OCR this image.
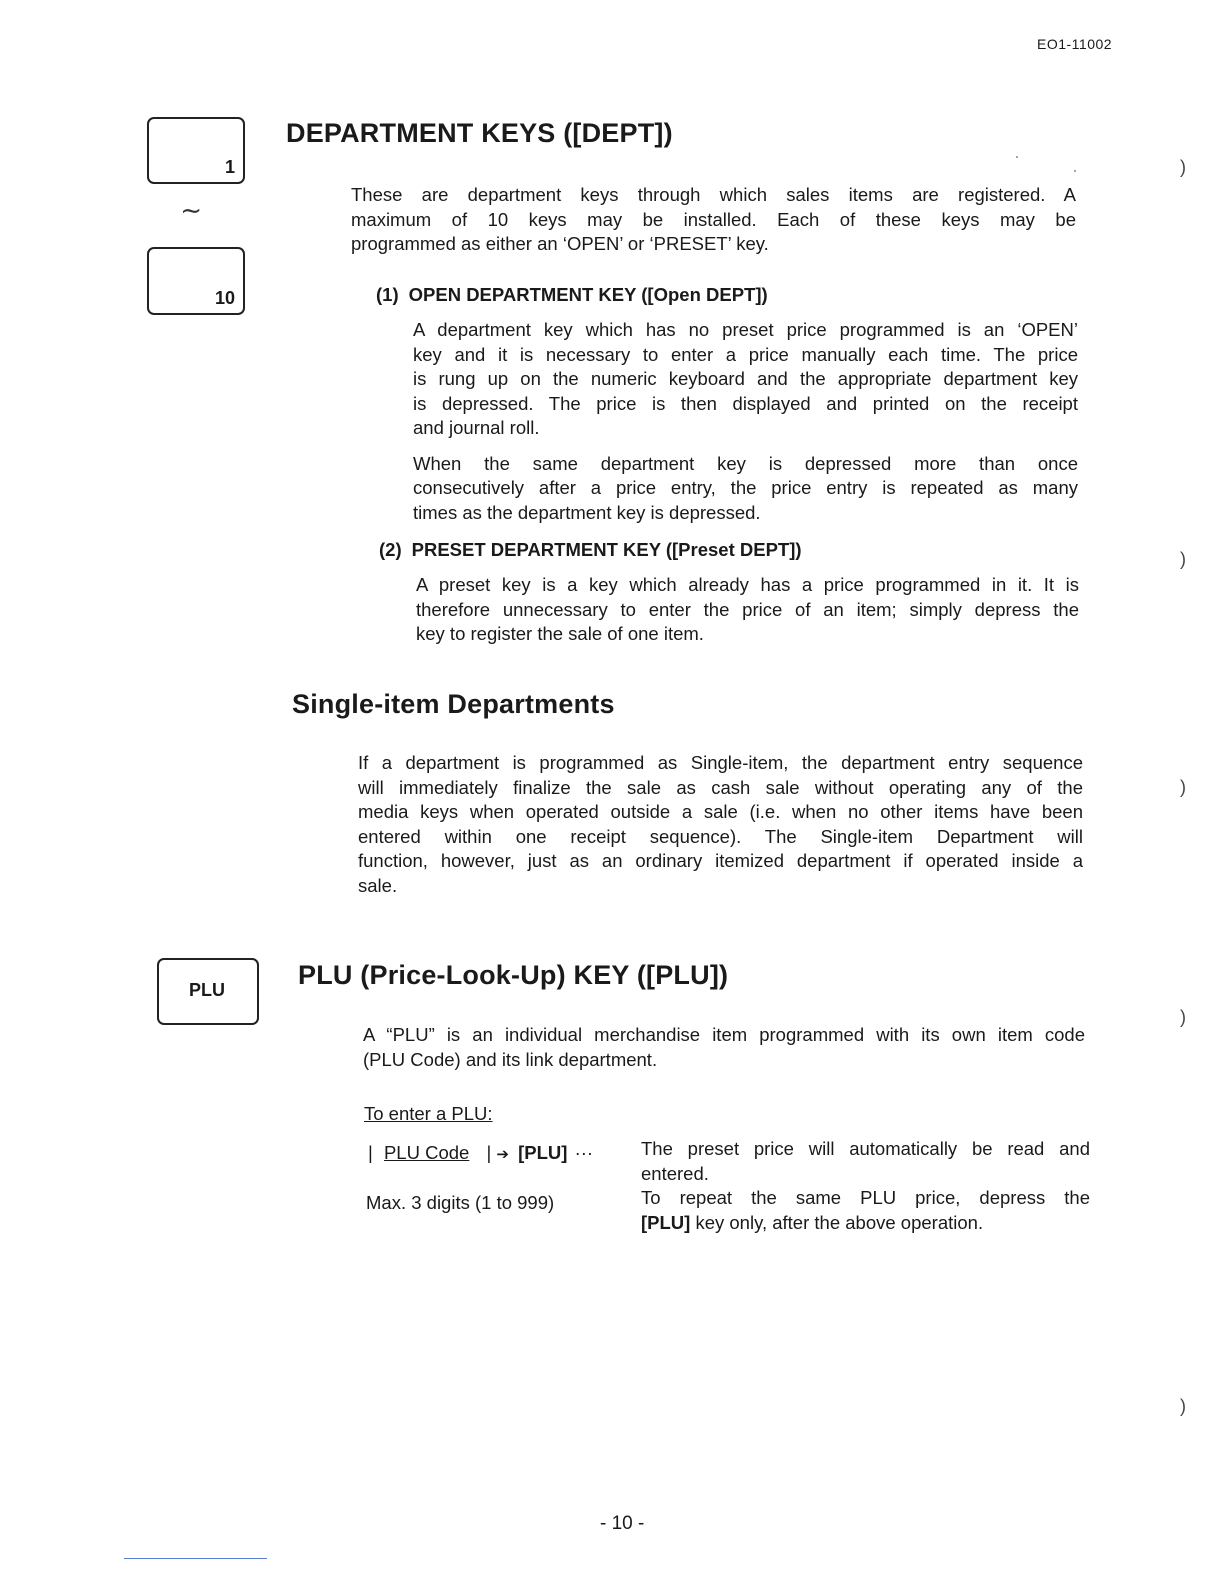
EO1-11002
1
≀
10
DEPARTMENT KEYS ([DEPT])

These are department keys through which sales items are registered. A

maximum of 10 keys may be installed. Each of these keys may be

programmed as either an ‘OPEN’ or ‘PRESET’ key.

(1) OPEN DEPARTMENT KEY ([Open DEPT])

A department key which has no preset price programmed is an ‘OPEN’

key and it is necessary to enter a price manually each time. The price

is rung up on the numeric keyboard and the appropriate department key

is depressed. The price is then displayed and printed on the receipt

and journal roll.

When the same department key is depressed more than once

consecutively after a price entry, the price entry is repeated as many

times as the department key is depressed.

(2) PRESET DEPARTMENT KEY ([Preset DEPT])

A preset key is a key which already has a price programmed in it. It is

therefore unnecessary to enter the price of an item; simply depress the

key to register the sale of one item.

Single-item Departments

If a department is programmed as Single-item, the department entry sequence

will immediately finalize the sale as cash sale without operating any of the

media keys when operated outside a sale (i.e. when no other items have been

entered within one receipt sequence). The Single-item Department will

function, however, just as an ordinary itemized department if operated inside a

sale.

PLU	PLU (Price-Look-Up) KEY ([PLU])

A “PLU” is an individual merchandise item programmed with its own item code

(PLU Code) and its link department.

To enter a PLU:
| PLU Code | ➔ [PLU] ···
Max. 3 digits (1 to 999)

The preset price will automatically be read and

entered.

To repeat the same PLU price, depress the

[PLU] key only, after the above operation.

)
)
)
)
)
- 10 -
